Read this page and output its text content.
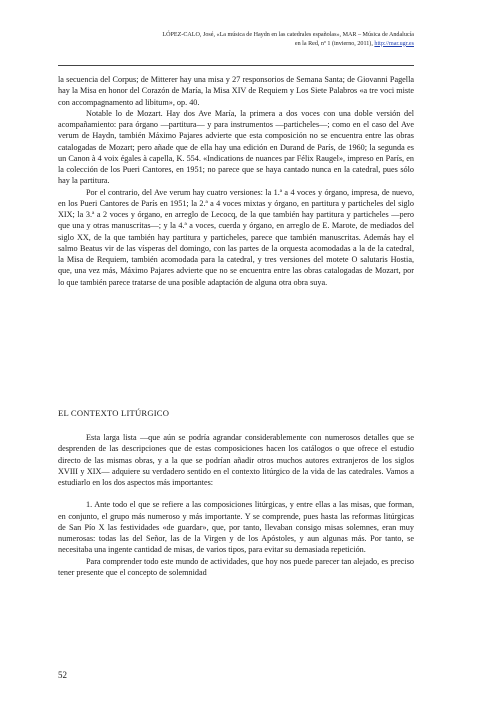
LÓPEZ-CALO, José, «La música de Haydn en las catedrales españolas», MAR – Música de Andalucía
en la Red, nº 1 (invierno, 2011), http://mar.ugr.es

la secuencia del Corpus; de Mitterer hay una misa y 27 responsorios de Semana Santa; de Giovanni Pagella hay la Misa en honor del Corazón de María, la Misa XIV de Requiem y Los Siete Palabros «a tre voci miste con accompagnamento ad libitum», op. 40.

Notable lo de Mozart. Hay dos Ave María, la primera a dos voces con una doble versión del acompañamiento: para órgano —partitura— y para instrumentos —particheles—; como en el caso del Ave verum de Haydn, también Máximo Pajares advierte que esta composición no se encuentra entre las obras catalogadas de Mozart; pero añade que de ella hay una edición en Durand de París, de 1960; la segunda es un Canon à 4 voix égales à capella, K. 554. «Indications de nuances par Félix Raugel», impreso en París, en la colección de los Pueri Cantores, en 1951; no parece que se haya cantado nunca en la catedral, pues sólo hay la partitura.

Por el contrario, del Ave verum hay cuatro versiones: la 1.ª a 4 voces y órgano, impresa, de nuevo, en los Pueri Cantores de París en 1951; la 2.ª a 4 voces mixtas y órgano, en partitura y particheles del siglo XIX; la 3.ª a 2 voces y órgano, en arreglo de Lecocq, de la que también hay partitura y particheles —pero que una y otras manuscritas—; y la 4.ª a voces, cuerda y órgano, en arreglo de E. Marote, de mediados del siglo XX, de la que también hay partitura y particheles, parece que también manuscritas. Además hay el salmo Beatus vir de las vísperas del domingo, con las partes de la orquesta acomodadas a la de la catedral, la Misa de Requiem, también acomodada para la catedral, y tres versiones del motete O salutaris Hostia, que, una vez más, Máximo Pajares advierte que no se encuentra entre las obras catalogadas de Mozart, por lo que también parece tratarse de una posible adaptación de alguna otra obra suya.

EL CONTEXTO LITÚRGICO

Esta larga lista —que aún se podría agrandar considerablemente con numerosos detalles que se desprenden de las descripciones que de estas composiciones hacen los catálogos o que ofrece el estudio directo de las mismas obras, y a la que se podrían añadir otros muchos autores extranjeros de los siglos XVIII y XIX— adquiere su verdadero sentido en el contexto litúrgico de la vida de las catedrales. Vamos a estudiarlo en los dos aspectos más importantes:

1. Ante todo el que se refiere a las composiciones litúrgicas, y entre ellas a las misas, que forman, en conjunto, el grupo más numeroso y más importante. Y se comprende, pues hasta las reformas litúrgicas de San Pío X las festividades «de guardar», que, por tanto, llevaban consigo misas solemnes, eran muy numerosas: todas las del Señor, las de la Virgen y de los Apóstoles, y aun algunas más. Por tanto, se necesitaba una ingente cantidad de misas, de varios tipos, para evitar su demasiada repetición.

Para comprender todo este mundo de actividades, que hoy nos puede parecer tan alejado, es preciso tener presente que el concepto de solemnidad

52
